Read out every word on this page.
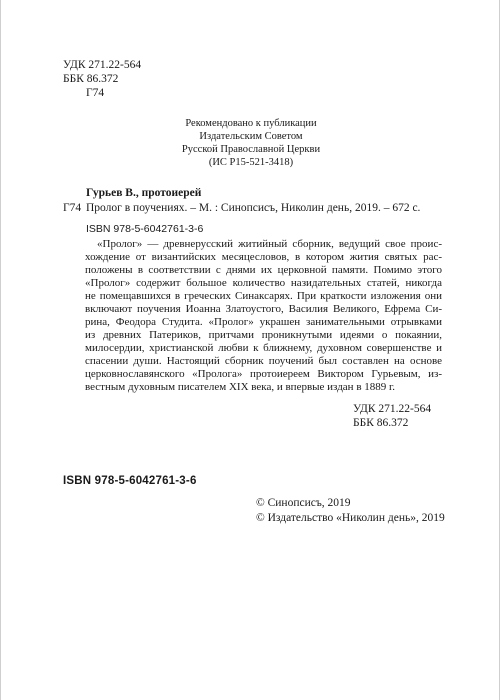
УДК 271.22-564
ББК 86.372
Г74
Рекомендовано к публикации
Издательским Советом
Русской Православной Церкви
(ИС Р15-521-3418)
Гурьев В., протоиерей
Г74 Пролог в поучениях. – М. : Синопсисъ, Николин день, 2019. – 672 с.
ISBN 978-5-6042761-3-6
«Пролог» — древнерусский житийный сборник, ведущий свое проис-
хождение от византийских месяцесловов, в котором жития святых рас-
положены в соответствии с днями их церковной памяти. Помимо этого
«Пролог» содержит большое количество назидательных статей, никогда
не помещавшихся в греческих Синаксарях. При краткости изложения они
включают поучения Иоанна Златоустого, Василия Великого, Ефрема Си-
рина, Феодора Студита. «Пролог» украшен занимательными отрывками
из древних Патериков, притчами проникнутыми идеями о покаянии,
милосердии, христианской любви к ближнему, духовном совершенстве и
спасении души. Настоящий сборник поучений был составлен на основе
церковнославянского «Пролога» протоиереем Виктором Гурьевым, из-
вестным духовным писателем XIX века, и впервые издан в 1889 г.
УДК 271.22-564
ББК 86.372
ISBN 978-5-6042761-3-6
© Синопсисъ, 2019
© Издательство «Николин день», 2019
